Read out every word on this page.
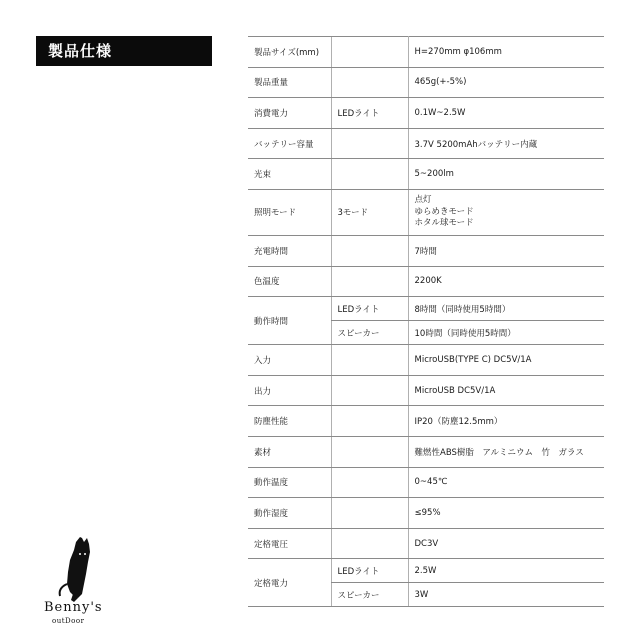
製品仕様	製品サイズ(mm)		H=270mm φ106mm
製品重量		465g(+-5%)
消費電力	LEDライト	0.1W~2.5W
バッテリー容量		3.7V 5200mAhバッテリー内蔵
光束		5~200lm
照明モード	3モード	点灯
ゆらめきモード
ホタル球モード

充電時間		7時間
色温度		2200K
動作時間	LEDライト	8時間（同時使用5時間）
	スピーカー	10時間（同時使用5時間）
入力		MicroUSB(TYPE C) DC5V/1A
出力		MicroUSB DC5V/1A
防塵性能		IP20（防塵12.5mm）
素材		難燃性ABS樹脂　アルミニウム　竹　ガラス
動作温度		0~45℃
動作湿度		≤95%
定格電圧		DC3V
定格電力	LEDライト	2.5W
	スピーカー	3W
Benny's
outDoor
